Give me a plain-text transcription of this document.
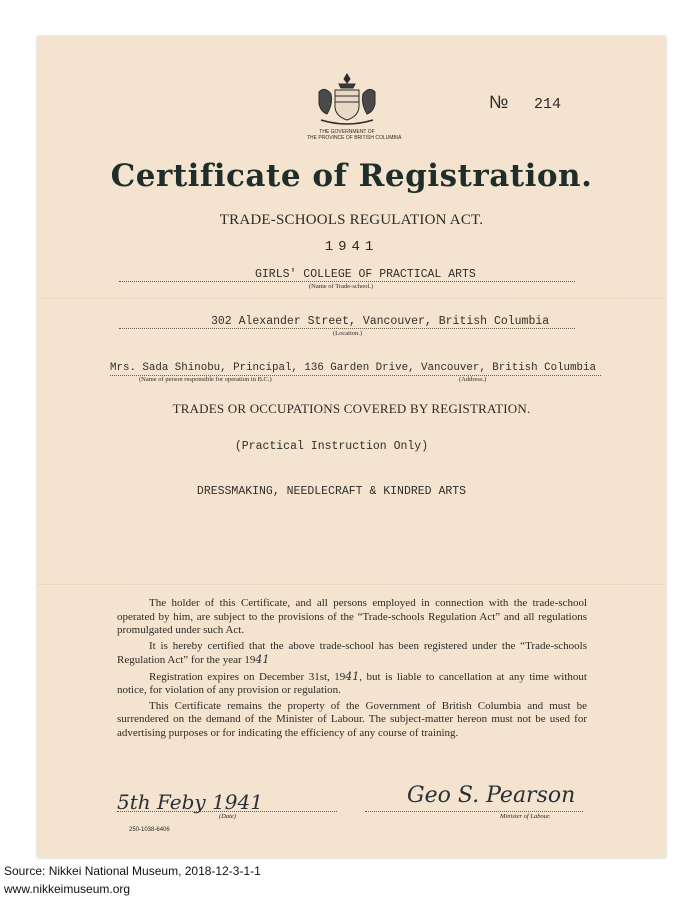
THE GOVERNMENT OF
THE PROVINCE OF BRITISH COLUMBIA
№ 214
Certificate of Registration.
TRADE-SCHOOLS REGULATION ACT.
1941
GIRLS' COLLEGE OF PRACTICAL ARTS
(Name of Trade-school.)
302 Alexander Street, Vancouver, British Columbia
(Location.)
Mrs. Sada Shinobu, Principal, 136 Garden Drive, Vancouver, British Columbia
(Name of person responsible for operation in B.C.)	(Address.)
TRADES OR OCCUPATIONS COVERED BY REGISTRATION.
(Practical Instruction Only)
DRESSMAKING, NEEDLECRAFT & KINDRED ARTS

The holder of this Certificate, and all persons employed in connection with the trade-school operated by him, are subject to the provisions of the “Trade-schools Regulation Act” and all regulations promulgated under such Act.

It is hereby certified that the above trade-school has been registered under the “Trade-schools Regulation Act” for the year 1941

Registration expires on December 31st, 1941, but is liable to cancellation at any time without notice, for violation of any provision or regulation.

This Certificate remains the property of the Government of British Columbia and must be surrendered on the demand of the Minister of Labour. The subject-matter hereon must not be used for advertising purposes or for indicating the efficiency of any course of training.

5th Feby 1941
(Date)
Geo S. Pearson
Minister of Labour.
250-1038-6406
Source: Nikkei National Museum, 2018-12-3-1-1
www.nikkeimuseum.org
